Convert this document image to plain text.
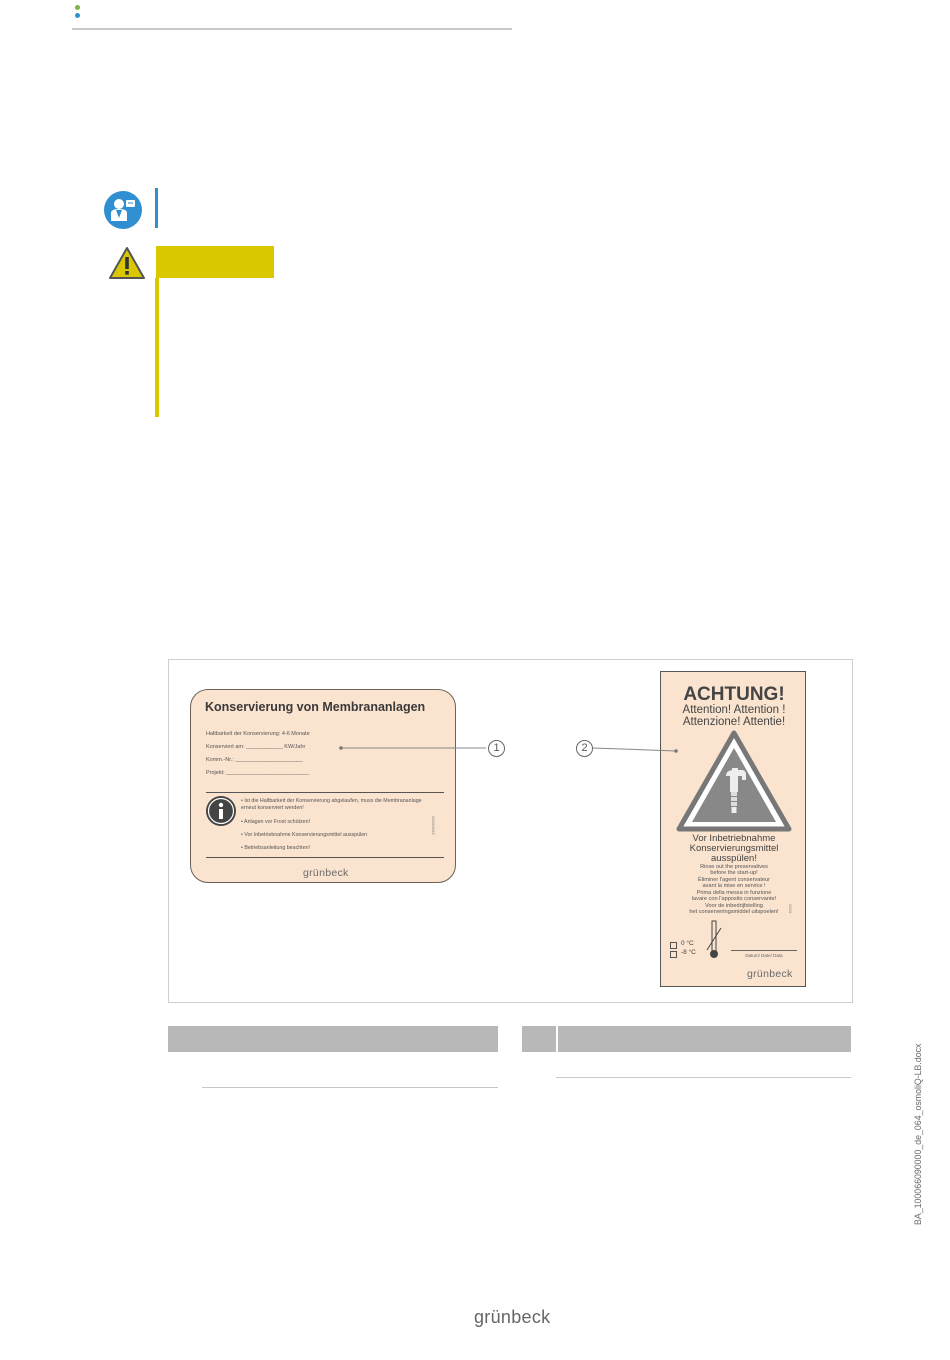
Konservierung von Membrananlagen
Haltbarkeit der Konservierung: 4-6 Monate
Konserviert am: ____________ KW/Jahr
Komm.-Nr.: ______________________
Projekt: ___________________________
• Ist die Haltbarkeit der Konservierung abgelaufen, muss die Membrananlage erneut konserviert werden!
• Anlagen vor Frost schützen!
• Vor Inbetriebnahme Konservierungsmittel ausspülen
• Betriebsanleitung beachten!
XXXXXXXX
grünbeck
ACHTUNG!
Attention! Attention !
Attenzione! Attentie!
Vor Inbetriebnahme
Konservierungsmittel
ausspülen!
Rinse out the preservatives
before the start-up!
Éliminer l'agent conservateur
avant la mise en service !
Prima della messa in funzione
lavare con l'apposito conservante!
Voor de inbedrijfstelling
het conserveringsmiddel uitspoelen!	XXXX
0 °C
-8 °C	Datum/ Date/ Data
grünbeck
1	2
BA_100066090000_de_064_osmoliQ-LB.docx
grünbeck
